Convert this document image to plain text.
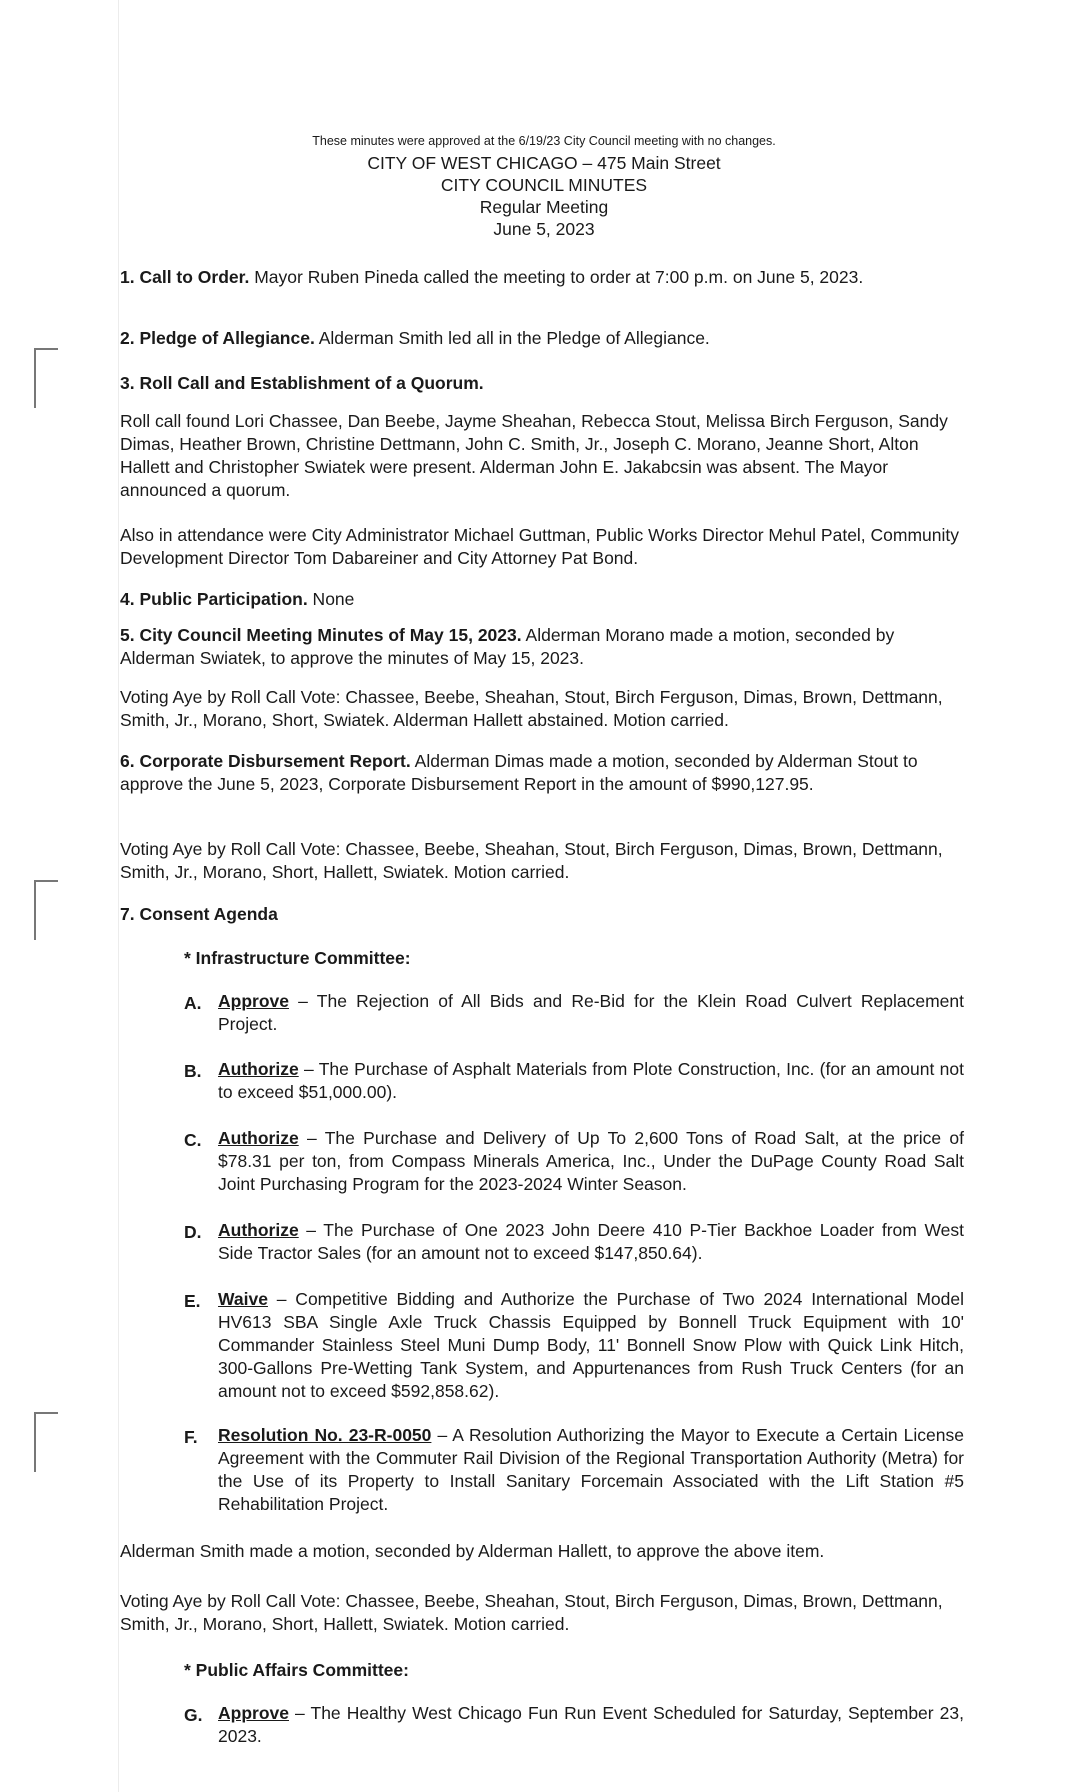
These minutes were approved at the 6/19/23 City Council meeting with no changes.
CITY OF WEST CHICAGO – 475 Main Street
CITY COUNCIL MINUTES
Regular Meeting
June 5, 2023
1. Call to Order. Mayor Ruben Pineda called the meeting to order at 7:00 p.m. on June 5, 2023.
2. Pledge of Allegiance. Alderman Smith led all in the Pledge of Allegiance.
3. Roll Call and Establishment of a Quorum.
Roll call found Lori Chassee, Dan Beebe, Jayme Sheahan, Rebecca Stout, Melissa Birch Ferguson, Sandy Dimas, Heather Brown, Christine Dettmann, John C. Smith, Jr., Joseph C. Morano, Jeanne Short, Alton Hallett and Christopher Swiatek were present. Alderman John E. Jakabcsin was absent. The Mayor announced a quorum.
Also in attendance were City Administrator Michael Guttman, Public Works Director Mehul Patel, Community Development Director Tom Dabareiner and City Attorney Pat Bond.
4. Public Participation. None
5. City Council Meeting Minutes of May 15, 2023. Alderman Morano made a motion, seconded by Alderman Swiatek, to approve the minutes of May 15, 2023.
Voting Aye by Roll Call Vote: Chassee, Beebe, Sheahan, Stout, Birch Ferguson, Dimas, Brown, Dettmann, Smith, Jr., Morano, Short, Swiatek. Alderman Hallett abstained. Motion carried.
6. Corporate Disbursement Report. Alderman Dimas made a motion, seconded by Alderman Stout to approve the June 5, 2023, Corporate Disbursement Report in the amount of $990,127.95.
Voting Aye by Roll Call Vote: Chassee, Beebe, Sheahan, Stout, Birch Ferguson, Dimas, Brown, Dettmann, Smith, Jr., Morano, Short, Hallett, Swiatek. Motion carried.
7. Consent Agenda
* Infrastructure Committee:
A. Approve – The Rejection of All Bids and Re-Bid for the Klein Road Culvert Replacement Project.
B. Authorize – The Purchase of Asphalt Materials from Plote Construction, Inc. (for an amount not to exceed $51,000.00).
C. Authorize – The Purchase and Delivery of Up To 2,600 Tons of Road Salt, at the price of $78.31 per ton, from Compass Minerals America, Inc., Under the DuPage County Road Salt Joint Purchasing Program for the 2023-2024 Winter Season.
D. Authorize – The Purchase of One 2023 John Deere 410 P-Tier Backhoe Loader from West Side Tractor Sales (for an amount not to exceed $147,850.64).
E. Waive – Competitive Bidding and Authorize the Purchase of Two 2024 International Model HV613 SBA Single Axle Truck Chassis Equipped by Bonnell Truck Equipment with 10' Commander Stainless Steel Muni Dump Body, 11' Bonnell Snow Plow with Quick Link Hitch, 300-Gallons Pre-Wetting Tank System, and Appurtenances from Rush Truck Centers (for an amount not to exceed $592,858.62).
F. Resolution No. 23-R-0050 – A Resolution Authorizing the Mayor to Execute a Certain License Agreement with the Commuter Rail Division of the Regional Transportation Authority (Metra) for the Use of its Property to Install Sanitary Forcemain Associated with the Lift Station #5 Rehabilitation Project.
Alderman Smith made a motion, seconded by Alderman Hallett, to approve the above item.
Voting Aye by Roll Call Vote: Chassee, Beebe, Sheahan, Stout, Birch Ferguson, Dimas, Brown, Dettmann, Smith, Jr., Morano, Short, Hallett, Swiatek. Motion carried.
* Public Affairs Committee:
G. Approve – The Healthy West Chicago Fun Run Event Scheduled for Saturday, September 23, 2023.
